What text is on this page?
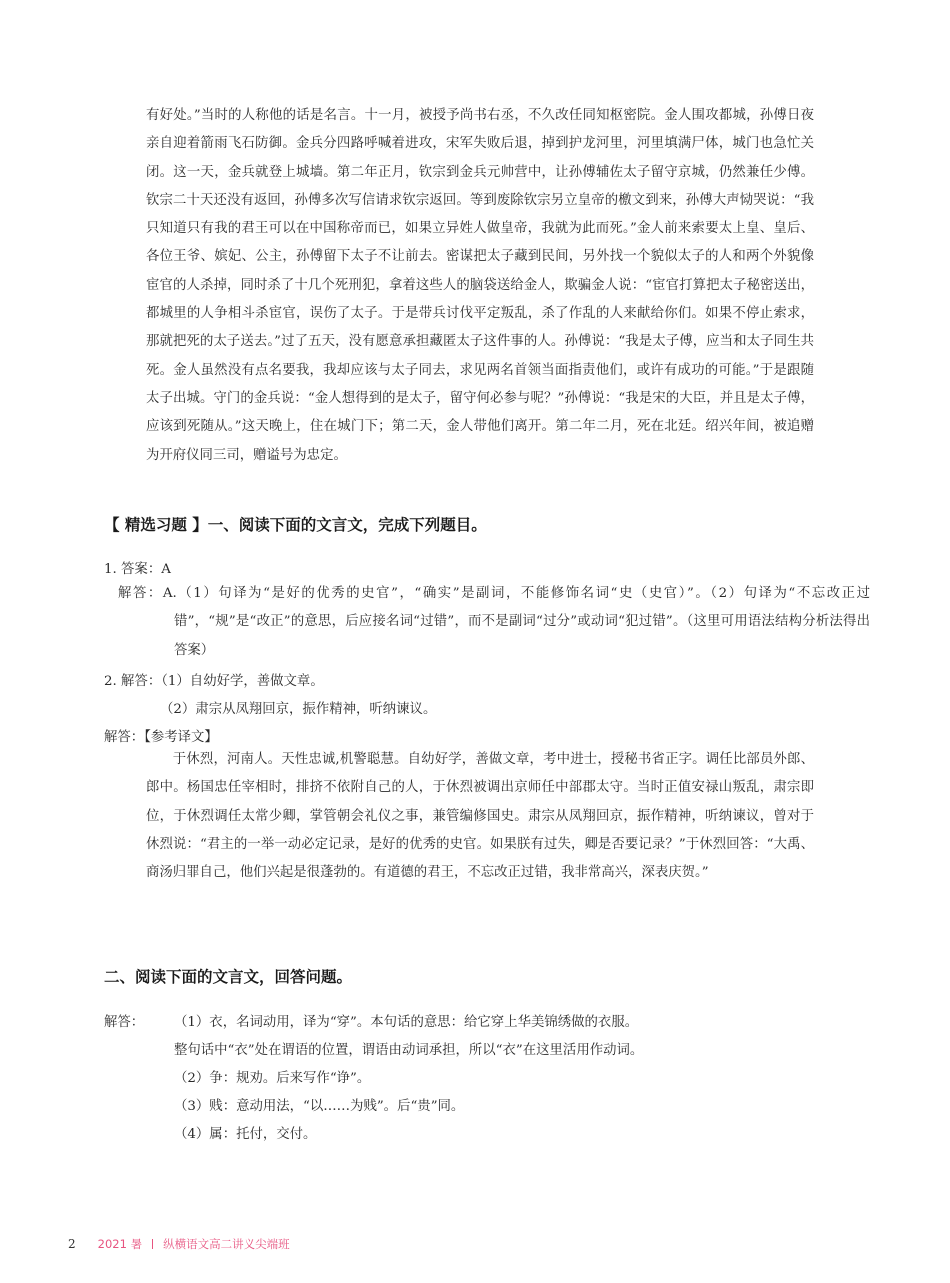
有好处。”当时的人称他的话是名言。十一月，被授予尚书右丞，不久改任同知枢密院。金人围攻都城，孙傅日夜亲自迎着箭雨飞石防御。金兵分四路呼喊着进攻，宋军失败后退，掉到护龙河里，河里填满尸体，城门也急忙关闭。这一天，金兵就登上城墙。第二年正月，钦宗到金兵元帅营中，让孙傅辅佐太子留守京城，仍然兼任少傅。钦宗二十天还没有返回，孙傅多次写信请求钦宗返回。等到废除钦宗另立皇帝的檄文到来，孙傅大声恸哭说：“我只知道只有我的君王可以在中国称帝而已，如果立异姓人做皇帝，我就为此而死。”金人前来索要太上皇、皇后、各位王爷、嫔妃、公主，孙傅留下太子不让前去。密谋把太子藏到民间，另外找一个貌似太子的人和两个外貌像宦官的人杀掉，同时杀了十几个死刑犯，拿着这些人的脑袋送给金人，欺骗金人说：“宦官打算把太子秘密送出，都城里的人争相斗杀宦官，误伤了太子。于是带兵讨伐平定叛乱，杀了作乱的人来献给你们。如果不停止索求，那就把死的太子送去。”过了五天，没有愿意承担藏匿太子这件事的人。孙傅说：“我是太子傅，应当和太子同生共死。金人虽然没有点名要我，我却应该与太子同去，求见两名首领当面指责他们，或许有成功的可能。”于是跟随太子出城。守门的金兵说：“金人想得到的是太子，留守何必参与呢？”孙傅说：“我是宋的大臣，并且是太子傅，应该到死随从。”这天晚上，住在城门下；第二天，金人带他们离开。第二年二月，死在北廷。绍兴年间，被追赠为开府仪同三司，赠谥号为忠定。
【 精选习题 】一、阅读下面的文言文，完成下列题目。
1. 答案：A
解答：A.（1）句译为“是好的优秀的史官”，“确实”是副词，不能修饰名词“史（史官）”。（2）句译为“不忘改正过错”，“规”是“改正”的意思，后应接名词“过错”，而不是副词“过分”或动词“犯过错”。（这里可用语法结构分析法得出答案）
2. 解答：（1）自幼好学，善做文章。
（2）肃宗从凤翔回京，振作精神，听纳谏议。
解答：【参考译文】
于休烈，河南人。天性忠诚,机警聪慧。自幼好学，善做文章，考中进士，授秘书省正字。调任比部员外郎、郎中。杨国忠任宰相时，排挤不依附自己的人，于休烈被调出京师任中部郡太守。当时正值安禄山叛乱，肃宗即位，于休烈调任太常少卿，掌管朝会礼仪之事，兼管编修国史。肃宗从凤翔回京，振作精神，听纳谏议，曾对于休烈说：“君主的一举一动必定记录，是好的优秀的史官。如果朕有过失，卿是否要记录？”于休烈回答：“大禹、商汤归罪自己，他们兴起是很蓬勃的。有道德的君王，不忘改正过错，我非常高兴，深表庆贺。”
二、阅读下面的文言文，回答问题。
解答： （1）衣，名词动用，译为“穿”。本句话的意思：给它穿上华美锦绣做的衣服。
整句话中“衣”处在谓语的位置，谓语由动词承担，所以“衣”在这里活用作动词。
（2）争：规劝。后来写作“诤”。
（3）贱：意动用法，“以……为贱”。后“贵”同。
（4）属：托付，交付。
2 2021 暑 纵横语文高二讲义尖端班
